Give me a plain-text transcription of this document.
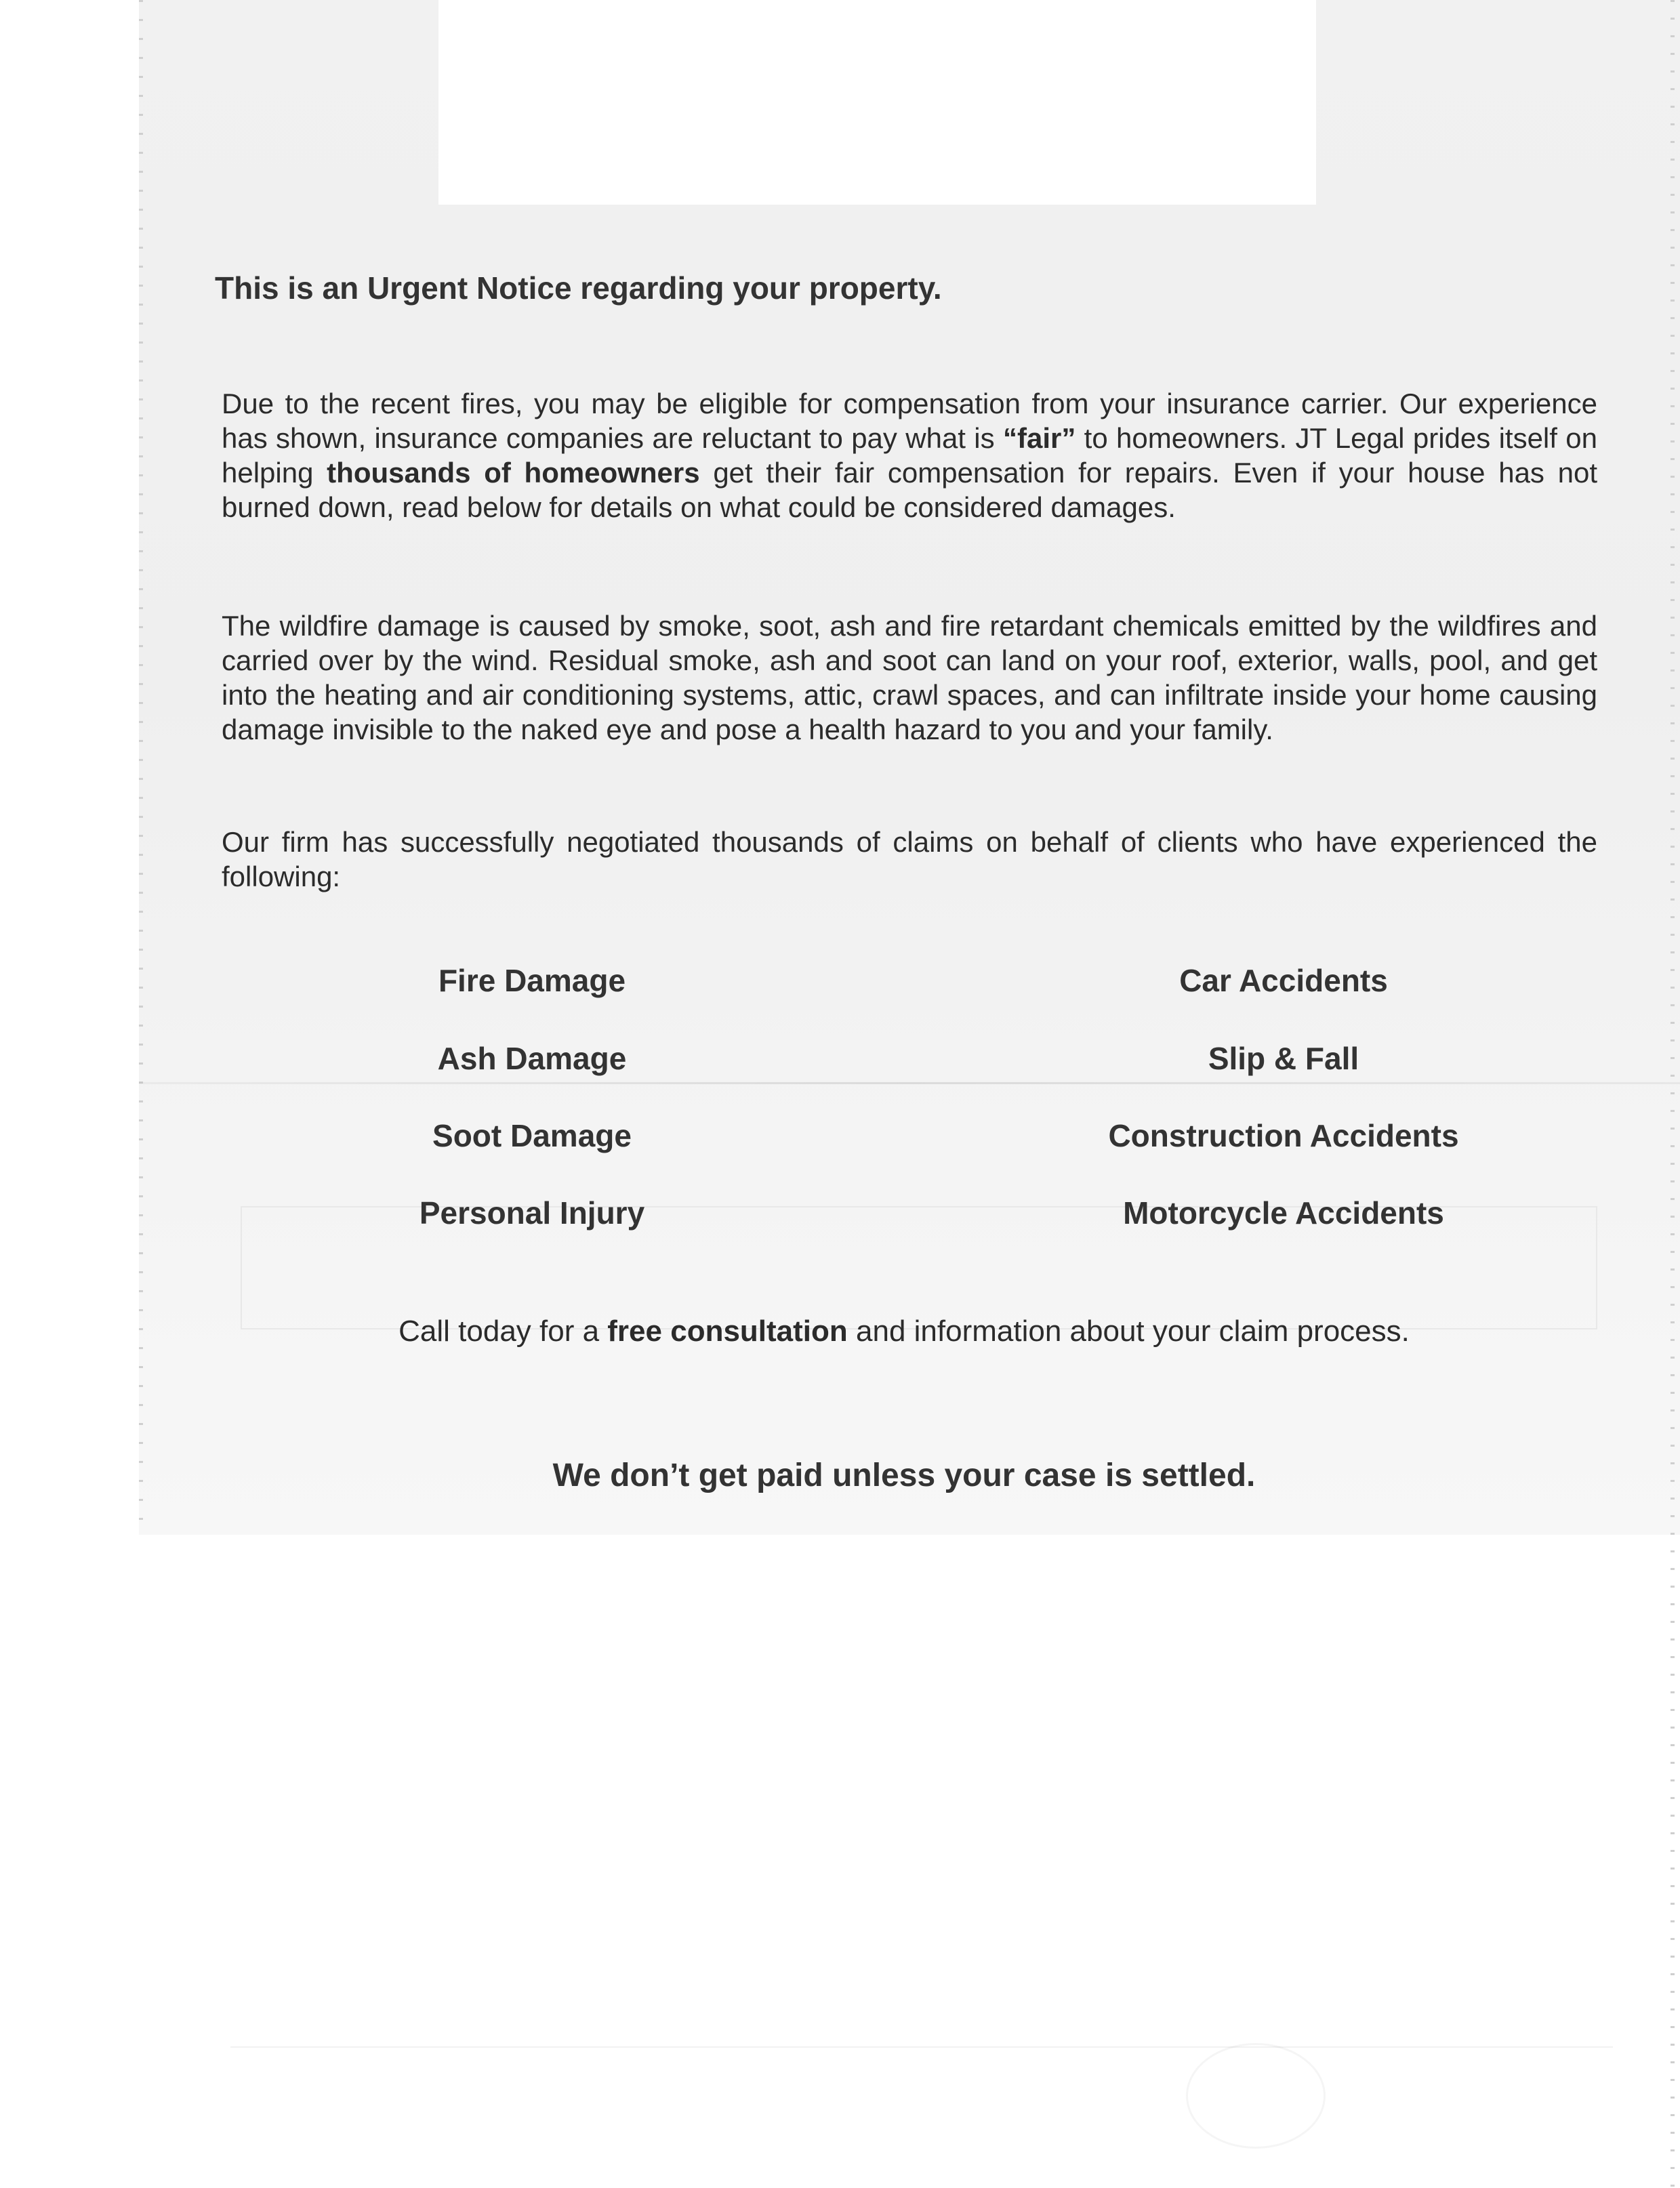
This is an Urgent Notice regarding your property.
Due to the recent fires, you may be eligible for compensation from your insurance carrier. Our experience has shown, insurance companies are reluctant to pay what is “fair” to homeowners. JT Legal prides itself on helping thousands of homeowners get their fair compensation for repairs. Even if your house has not burned down, read below for details on what could be considered damages.
The wildfire damage is caused by smoke, soot, ash and fire retardant chemicals emitted by the wildfires and carried over by the wind. Residual smoke, ash and soot can land on your roof, exterior, walls, pool, and get into the heating and air conditioning systems, attic, crawl spaces, and can infiltrate inside your home causing damage invisible to the naked eye and pose a health hazard to you and your family.
Our firm has successfully negotiated thousands of claims on behalf of clients who have experienced the following:
Fire Damage
Ash Damage
Soot Damage
Personal Injury
Car Accidents
Slip & Fall
Construction Accidents
Motorcycle Accidents
Call today for a free consultation and information about your claim process.
We don’t get paid unless your case is settled.
